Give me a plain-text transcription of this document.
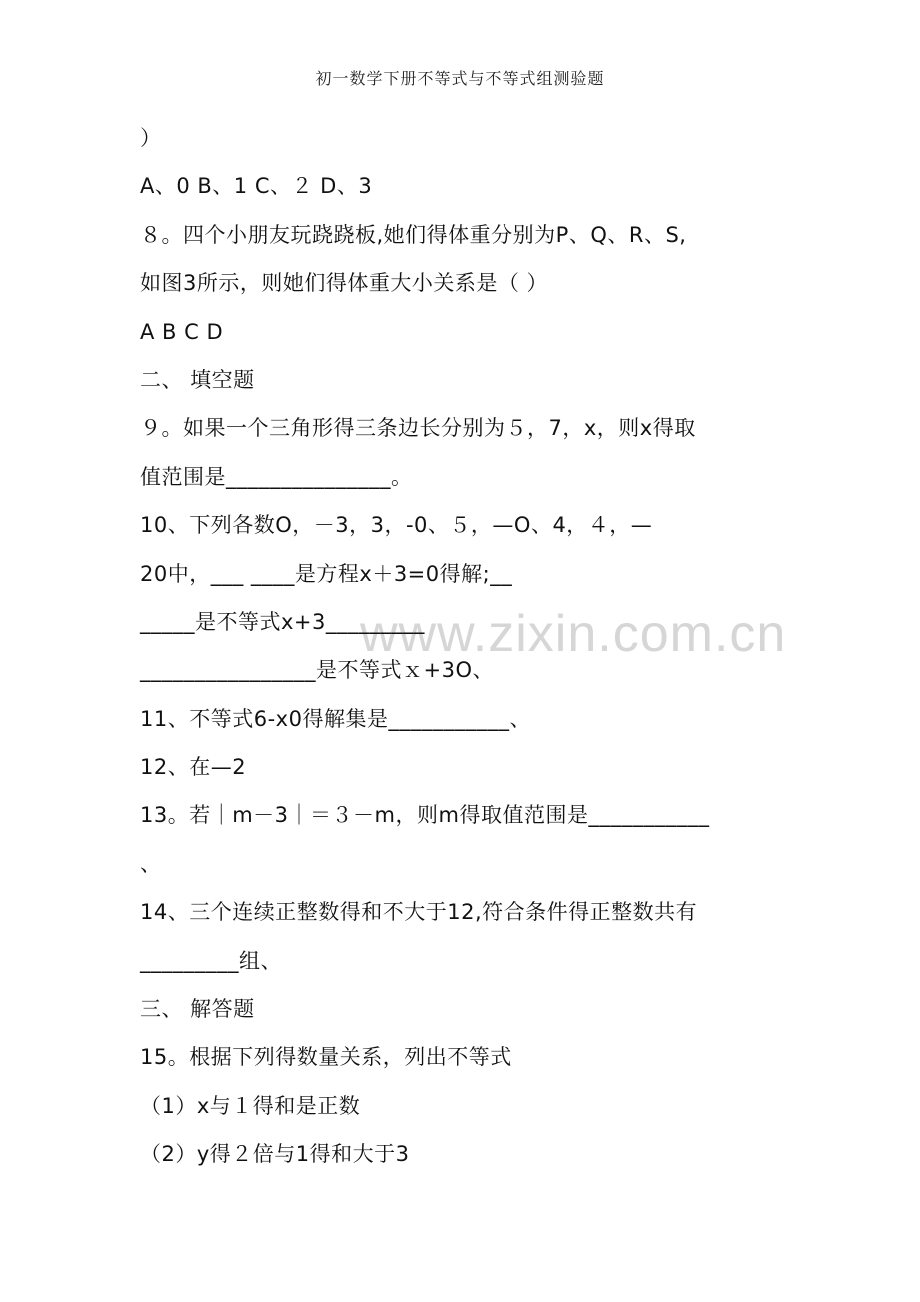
初一数学下册不等式与不等式组测验题
www.zixin.com.cn
）
A、0 B、1 C、２ D、3
８。四个小朋友玩跷跷板,她们得体重分别为P、Q、R、S,
如图3所示，则她们得体重大小关系是（ ）
A B C D
二、 填空题
９。如果一个三角形得三条边长分别为５，7，x，则x得取
值范围是_______________。
10、下列各数O，－3，3，-0、５，—O、4，４，—
20中，___ ____是方程x＋3=0得解;__
_____是不等式x+3_________
________________是不等式ｘ+3O、
11、不等式6-x0得解集是___________、
12、在—2
13。若｜m－3｜＝３－m，则m得取值范围是___________
、
14、三个连续正整数得和不大于12,符合条件得正整数共有
_________组、
三、 解答题
15。根据下列得数量关系，列出不等式
（1）x与１得和是正数
（2）y得２倍与1得和大于3
